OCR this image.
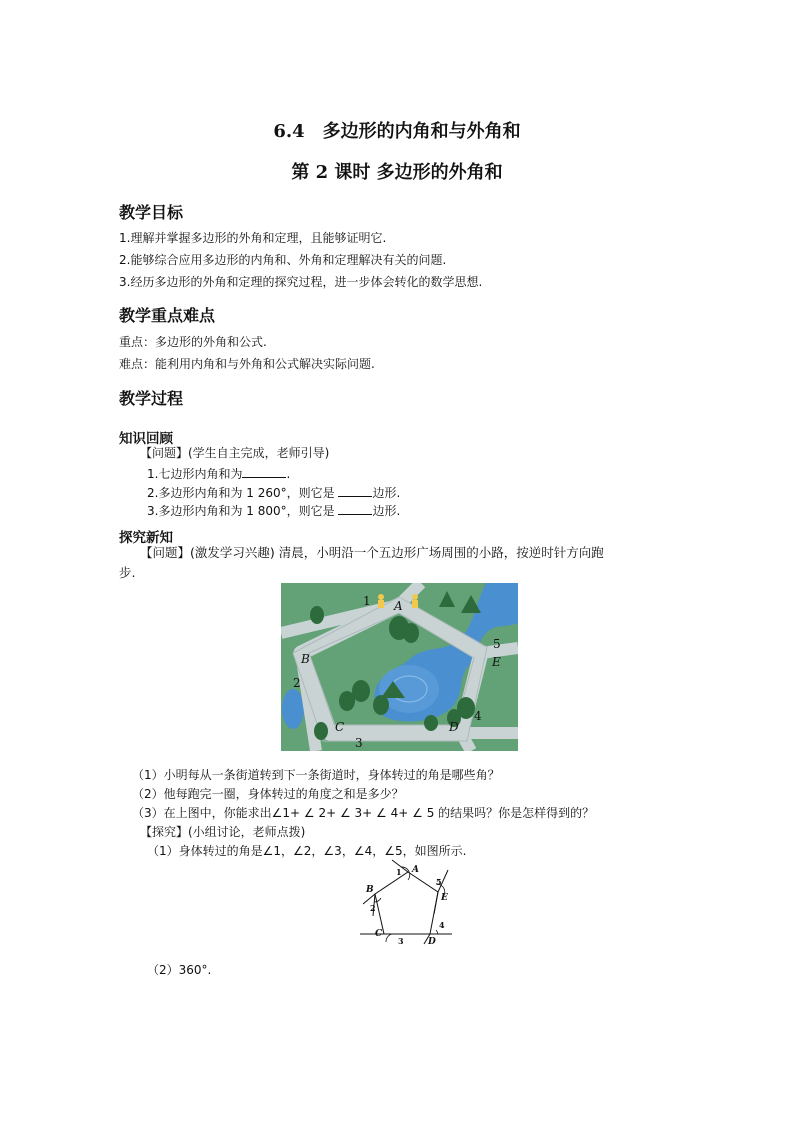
6.4　多边形的内角和与外角和
第 2 课时 多边形的外角和
教学目标
1.理解并掌握多边形的外角和定理，且能够证明它.
2.能够综合应用多边形的内角和、外角和定理解决有关的问题.
3.经历多边形的外角和定理的探究过程，进一步体会转化的数学思想.
教学重点难点
重点：多边形的外角和公式.
难点：能利用内角和与外角和公式解决实际问题.
教学过程
知识回顾
【问题】(学生自主完成，老师引导)
1.七边形内角和为	.
2.多边形内角和为 1 260°，则它是	边形.
3.多边形内角和为 1 800°，则它是	边形.
探究新知
【问题】(激发学习兴趣) 清晨，小明沿一个五边形广场周围的小路，按逆时针方向跑
步.
A
B
C	D
E
1
2
3
4
5
（1）小明每从一条街道转到下一条街道时，身体转过的角是哪些角？
（2）他每跑完一圈，身体转过的角度之和是多少？
（3）在上图中，你能求出∠1+ ∠ 2+ ∠ 3+ ∠ 4+ ∠ 5 的结果吗？你是怎样得到的？
【探究】(小组讨论，老师点拨)
（1）身体转过的角是∠1，∠2，∠3，∠4，∠5，如图所示.
A
B
C
D
E
1
2
3
4
5
（2）360°.
